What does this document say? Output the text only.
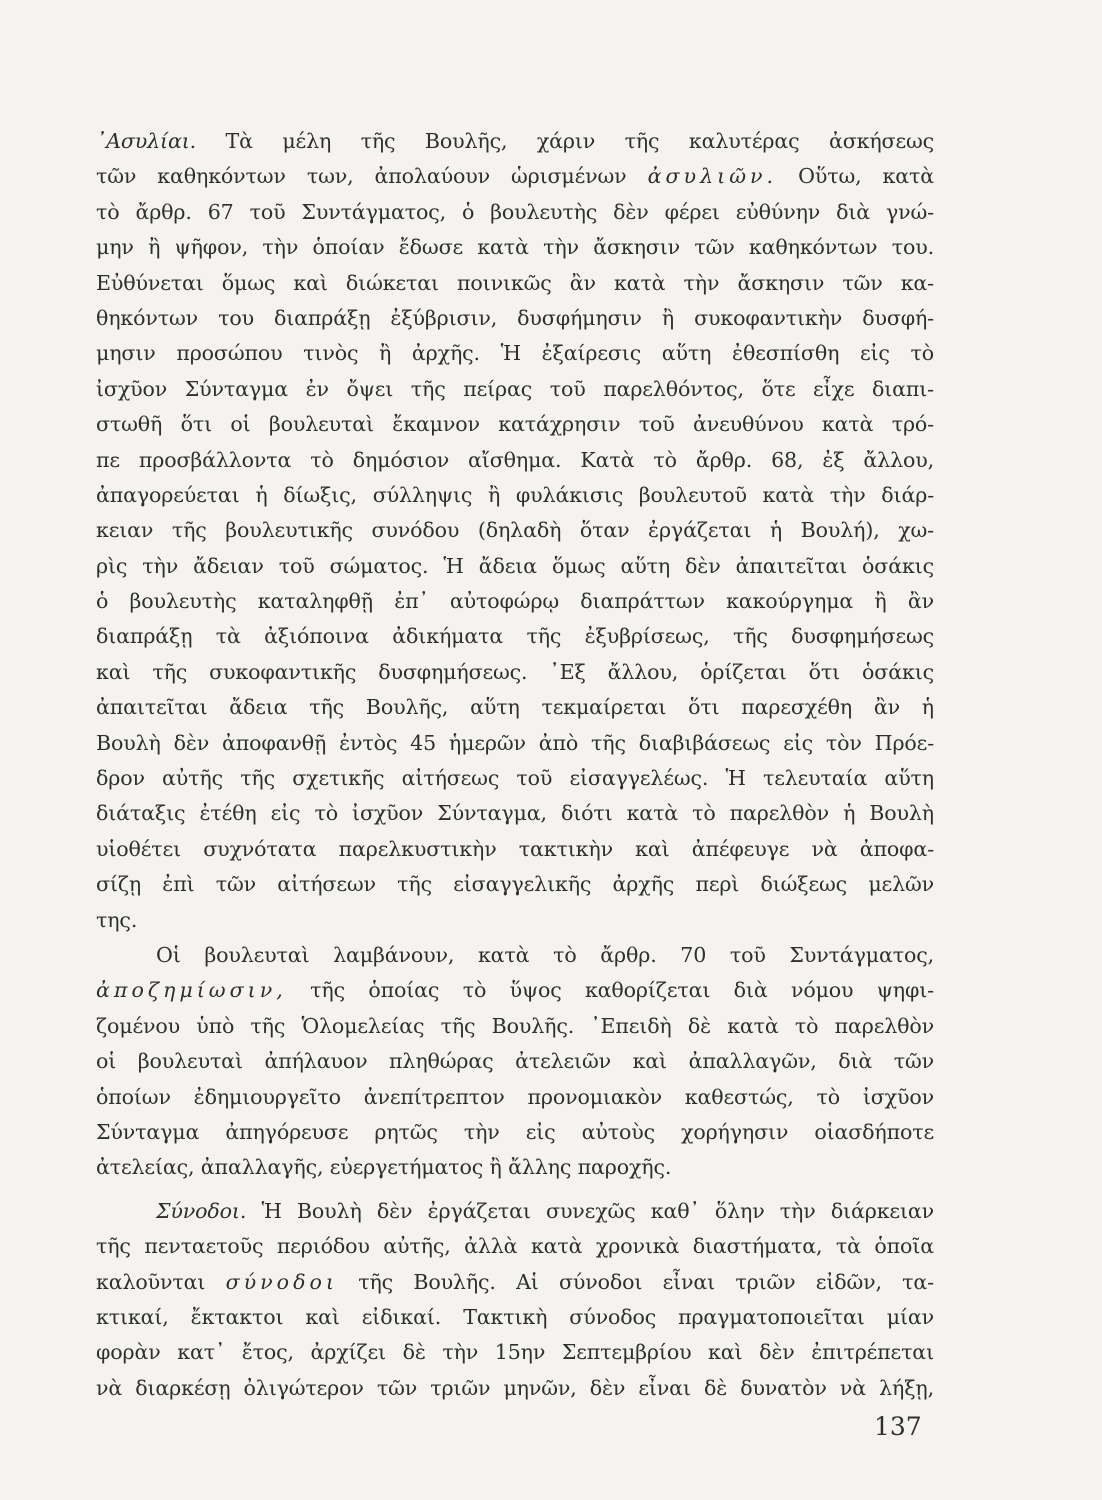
᾿Ασυλίαι. Τὰ μέλη τῆς Βουλῆς, χάριν τῆς καλυτέρας ἀσκήσεως
τῶν καθηκόντων των, ἀπολαύουν ὡρισμένων ἀσυλιῶν. Οὕτω, κατὰ
τὸ ἄρθρ. 67 τοῦ Συντάγματος, ὁ βουλευτὴς δὲν φέρει εὐθύνην διὰ γνώ-
μην ἢ ψῆφον, τὴν ὁποίαν ἔδωσε κατὰ τὴν ἄσκησιν τῶν καθηκόντων του.
Εὐθύνεται ὅμως καὶ διώκεται ποινικῶς ἂν κατὰ τὴν ἄσκησιν τῶν κα-
θηκόντων του διαπράξῃ ἐξύβρισιν, δυσφήμησιν ἢ συκοφαντικὴν δυσφή-
μησιν προσώπου τινὸς ἢ ἀρχῆς. Ἡ ἐξαίρεσις αὕτη ἐθεσπίσθη εἰς τὸ
ἰσχῦον Σύνταγμα ἐν ὄψει τῆς πείρας τοῦ παρελθόντος, ὅτε εἶχε διαπι-
στωθῆ ὅτι οἱ βουλευταὶ ἔκαμνον κατάχρησιν τοῦ ἀνευθύνου κατὰ τρό-
πε προσβάλλοντα τὸ δημόσιον αἴσθημα. Κατὰ τὸ ἄρθρ. 68, ἐξ ἄλλου,
ἀπαγορεύεται ἡ δίωξις, σύλληψις ἢ φυλάκισις βουλευτοῦ κατὰ τὴν διάρ-
κειαν τῆς βουλευτικῆς συνόδου (δηλαδὴ ὅταν ἐργάζεται ἡ Βουλή), χω-
ρὶς τὴν ἄδειαν τοῦ σώματος. Ἡ ἄδεια ὅμως αὕτη δὲν ἀπαιτεῖται ὁσάκις
ὁ βουλευτὴς καταληφθῇ ἐπ᾿ αὐτοφώρῳ διαπράττων κακούργημα ἢ ἂν
διαπράξῃ τὰ ἀξιόποινα ἀδικήματα τῆς ἐξυβρίσεως, τῆς δυσφημήσεως
καὶ τῆς συκοφαντικῆς δυσφημήσεως. ᾿Εξ ἄλλου, ὁρίζεται ὅτι ὁσάκις
ἀπαιτεῖται ἄδεια τῆς Βουλῆς, αὕτη τεκμαίρεται ὅτι παρεσχέθη ἂν ἡ
Βουλὴ δὲν ἀποφανθῇ ἐντὸς 45 ἡμερῶν ἀπὸ τῆς διαβιβάσεως εἰς τὸν Πρόε-
δρον αὐτῆς τῆς σχετικῆς αἰτήσεως τοῦ εἰσαγγελέως. Ἡ τελευταία αὕτη
διάταξις ἐτέθη εἰς τὸ ἰσχῦον Σύνταγμα, διότι κατὰ τὸ παρελθὸν ἡ Βουλὴ
υἱοθέτει συχνότατα παρελκυστικὴν τακτικὴν καὶ ἀπέφευγε νὰ ἀποφα-
σίζῃ ἐπὶ τῶν αἰτήσεων τῆς εἰσαγγελικῆς ἀρχῆς περὶ διώξεως μελῶν
της.
Οἱ βουλευταὶ λαμβάνουν, κατὰ τὸ ἄρθρ. 70 τοῦ Συντάγματος,
ἀποζημίωσιν, τῆς ὁποίας τὸ ὕψος καθορίζεται διὰ νόμου ψηφι-
ζομένου ὑπὸ τῆς Ὁλομελείας τῆς Βουλῆς. ᾿Επειδὴ δὲ κατὰ τὸ παρελθὸν
οἱ βουλευταὶ ἀπήλαυον πληθώρας ἀτελειῶν καὶ ἀπαλλαγῶν, διὰ τῶν
ὁποίων ἐδημιουργεῖτο ἀνεπίτρεπτον προνομιακὸν καθεστώς, τὸ ἰσχῦον
Σύνταγμα ἀπηγόρευσε ρητῶς τὴν εἰς αὐτοὺς χορήγησιν οἱασδήποτε
ἀτελείας, ἀπαλλαγῆς, εὐεργετήματος ἢ ἄλλης παροχῆς.
Σύνοδοι. Ἡ Βουλὴ δὲν ἐργάζεται συνεχῶς καθ᾿ ὅλην τὴν διάρκειαν
τῆς πενταετοῦς περιόδου αὐτῆς, ἀλλὰ κατὰ χρονικὰ διαστήματα, τὰ ὁποῖα
καλοῦνται σύνοδοι τῆς Βουλῆς. Αἱ σύνοδοι εἶναι τριῶν εἰδῶν, τα-
κτικαί, ἔκτακτοι καὶ εἰδικαί. Τακτικὴ σύνοδος πραγματοποιεῖται μίαν
φορὰν κατ᾿ ἔτος, ἀρχίζει δὲ τὴν 15ην Σεπτεμβρίου καὶ δὲν ἐπιτρέπεται
νὰ διαρκέσῃ ὀλιγώτερον τῶν τριῶν μηνῶν, δὲν εἶναι δὲ δυνατὸν νὰ λήξῃ,
137
